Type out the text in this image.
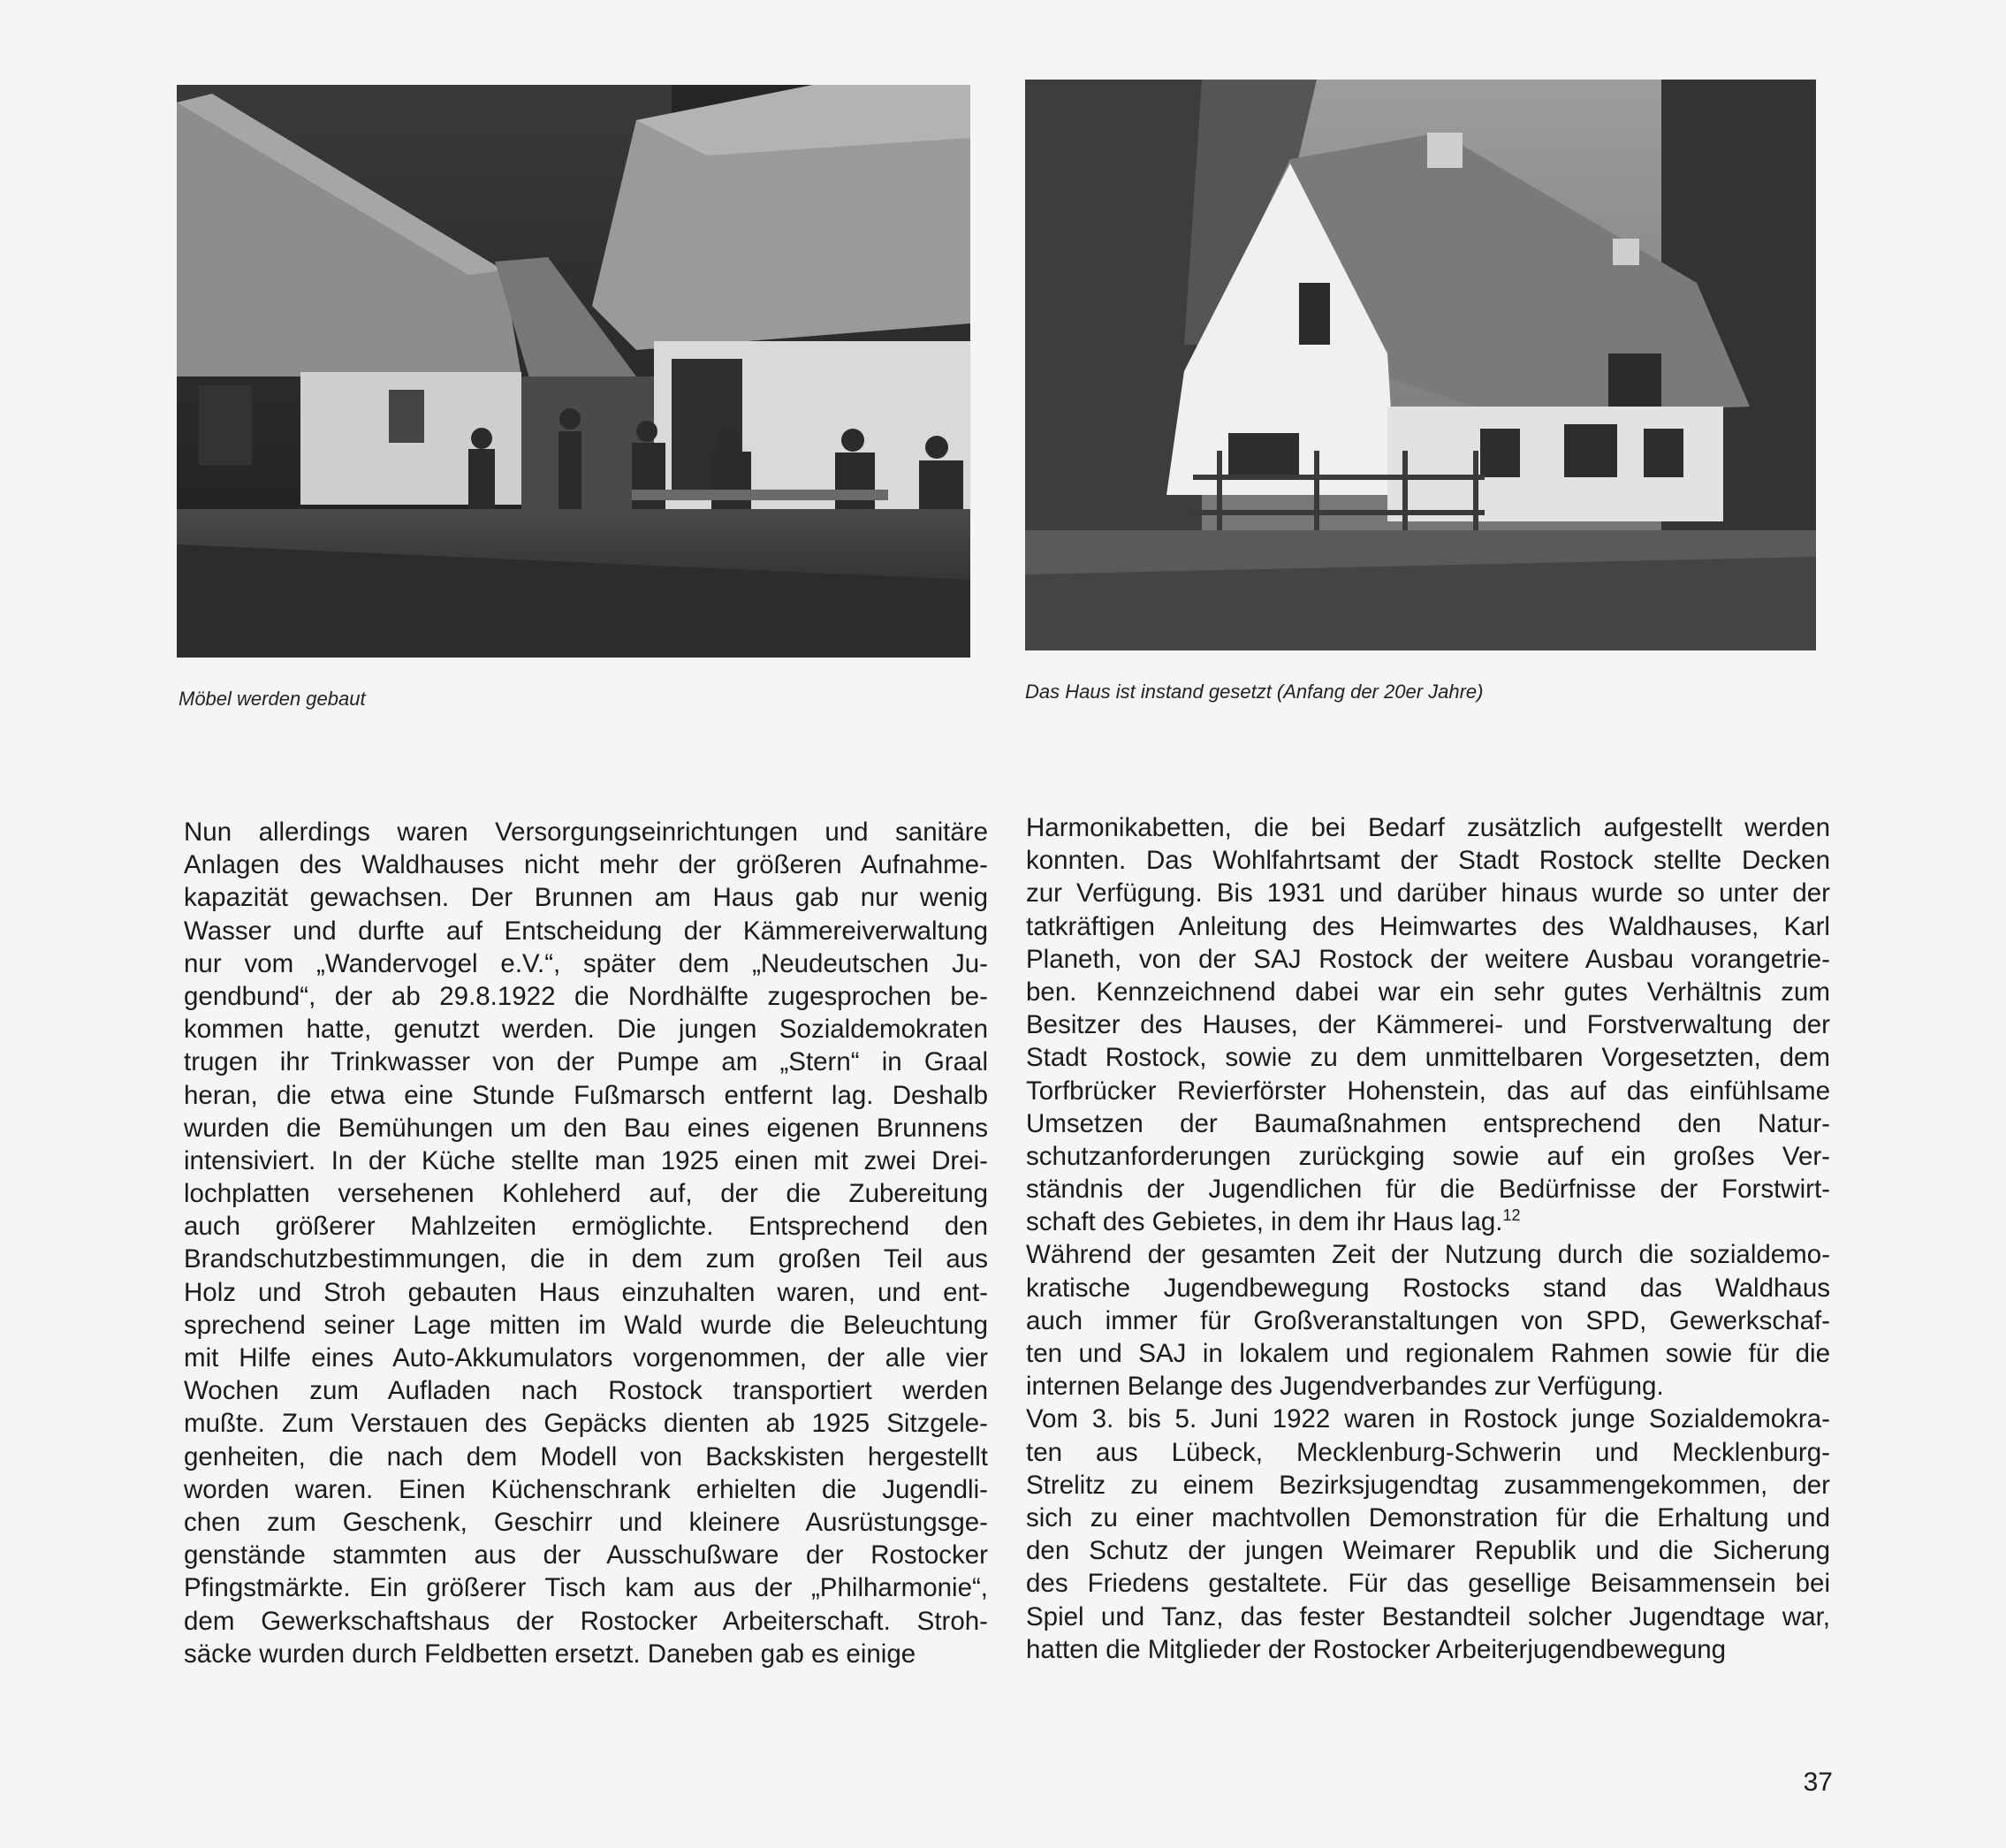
Möbel werden gebaut	Das Haus ist instand gesetzt (Anfang der 20er Jahre)
Nun allerdings waren Versorgungseinrichtungen und sanitäre
Anlagen des Waldhauses nicht mehr der größeren Aufnahme-
kapazität gewachsen. Der Brunnen am Haus gab nur wenig
Wasser und durfte auf Entscheidung der Kämmereiverwaltung
nur vom „Wandervogel e.V.“, später dem „Neudeutschen Ju-
gendbund“, der ab 29.8.1922 die Nordhälfte zugesprochen be-
kommen hatte, genutzt werden. Die jungen Sozialdemokraten
trugen ihr Trinkwasser von der Pumpe am „Stern“ in Graal
heran, die etwa eine Stunde Fußmarsch entfernt lag. Deshalb
wurden die Bemühungen um den Bau eines eigenen Brunnens
intensiviert. In der Küche stellte man 1925 einen mit zwei Drei-
lochplatten versehenen Kohleherd auf, der die Zubereitung
auch größerer Mahlzeiten ermöglichte. Entsprechend den
Brandschutzbestimmungen, die in dem zum großen Teil aus
Holz und Stroh gebauten Haus einzuhalten waren, und ent-
sprechend seiner Lage mitten im Wald wurde die Beleuchtung
mit Hilfe eines Auto-Akkumulators vorgenommen, der alle vier
Wochen zum Aufladen nach Rostock transportiert werden
mußte. Zum Verstauen des Gepäcks dienten ab 1925 Sitzgele-
genheiten, die nach dem Modell von Backskisten hergestellt
worden waren. Einen Küchenschrank erhielten die Jugendli-
chen zum Geschenk, Geschirr und kleinere Ausrüstungsge-
genstände stammten aus der Ausschußware der Rostocker
Pfingstmärkte. Ein größerer Tisch kam aus der „Philharmonie“,
dem Gewerkschaftshaus der Rostocker Arbeiterschaft. Stroh-
säcke wurden durch Feldbetten ersetzt. Daneben gab es einige
Harmonikabetten, die bei Bedarf zusätzlich aufgestellt werden
konnten. Das Wohlfahrtsamt der Stadt Rostock stellte Decken
zur Verfügung. Bis 1931 und darüber hinaus wurde so unter der
tatkräftigen Anleitung des Heimwartes des Waldhauses, Karl
Planeth, von der SAJ Rostock der weitere Ausbau vorangetrie-
ben. Kennzeichnend dabei war ein sehr gutes Verhältnis zum
Besitzer des Hauses, der Kämmerei- und Forstverwaltung der
Stadt Rostock, sowie zu dem unmittelbaren Vorgesetzten, dem
Torfbrücker Revierförster Hohenstein, das auf das einfühlsame
Umsetzen der Baumaßnahmen entsprechend den Natur-
schutzanforderungen zurückging sowie auf ein großes Ver-
ständnis der Jugendlichen für die Bedürfnisse der Forstwirt-
schaft des Gebietes, in dem ihr Haus lag.$^{12}$
Während der gesamten Zeit der Nutzung durch die sozialdemo-
kratische Jugendbewegung Rostocks stand das Waldhaus
auch immer für Großveranstaltungen von SPD, Gewerkschaf-
ten und SAJ in lokalem und regionalem Rahmen sowie für die
internen Belange des Jugendverbandes zur Verfügung.
Vom 3. bis 5. Juni 1922 waren in Rostock junge Sozialdemokra-
ten aus Lübeck, Mecklenburg-Schwerin und Mecklenburg-
Strelitz zu einem Bezirksjugendtag zusammengekommen, der
sich zu einer machtvollen Demonstration für die Erhaltung und
den Schutz der jungen Weimarer Republik und die Sicherung
des Friedens gestaltete. Für das gesellige Beisammensein bei
Spiel und Tanz, das fester Bestandteil solcher Jugendtage war,
hatten die Mitglieder der Rostocker Arbeiterjugendbewegung
37
